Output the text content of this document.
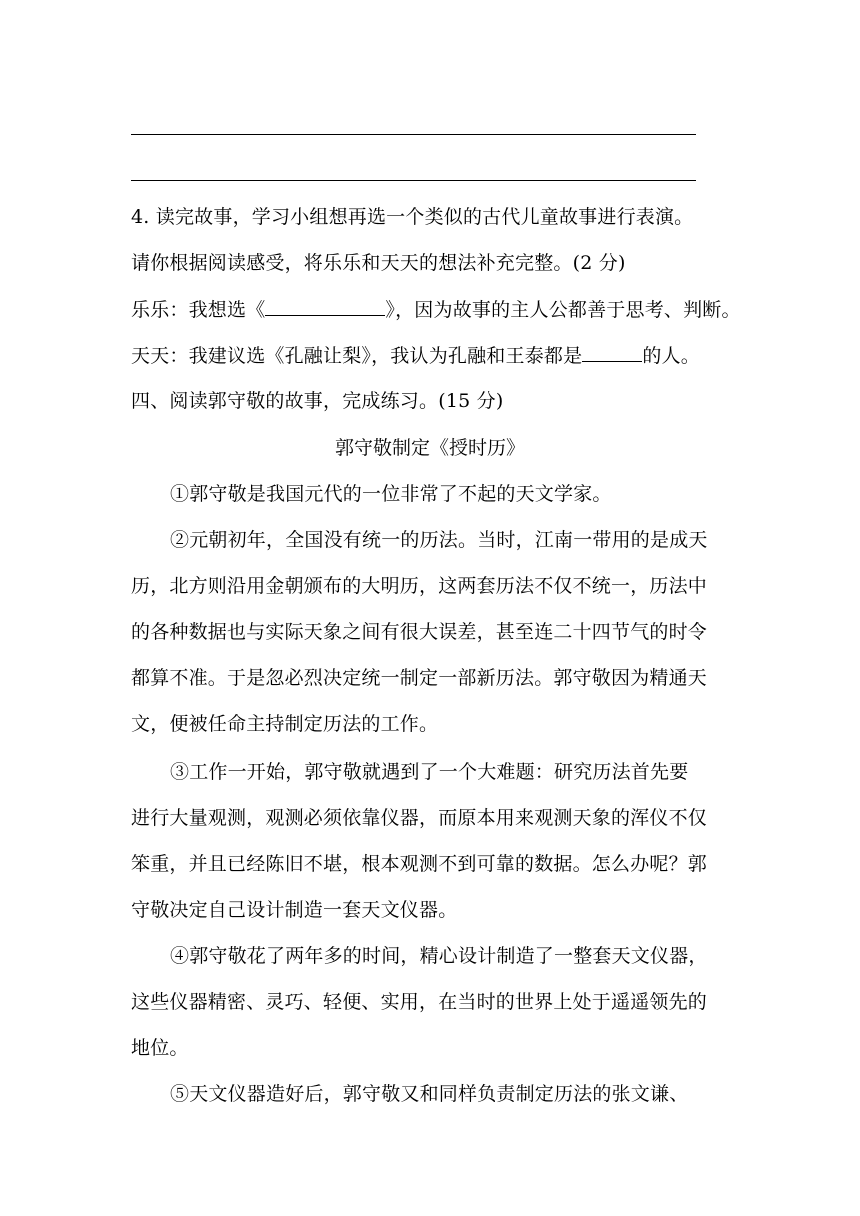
4. 读完故事，学习小组想再选一个类似的古代儿童故事进行表演。
请你根据阅读感受，将乐乐和天天的想法补充完整。(2 分)
乐乐：我想选《	》，因为故事的主人公都善于思考、判断。
天天：我建议选《孔融让梨》，我认为孔融和王泰都是	的人。
四、阅读郭守敬的故事，完成练习。(15 分)
郭守敬制定《授时历》
①郭守敬是我国元代的一位非常了不起的天文学家。
②元朝初年，全国没有统一的历法。当时，江南一带用的是成天
历，北方则沿用金朝颁布的大明历，这两套历法不仅不统一，历法中
的各种数据也与实际天象之间有很大误差，甚至连二十四节气的时令
都算不准。于是忽必烈决定统一制定一部新历法。郭守敬因为精通天
文，便被任命主持制定历法的工作。
③工作一开始，郭守敬就遇到了一个大难题：研究历法首先要
进行大量观测，观测必须依靠仪器，而原本用来观测天象的浑仪不仅
笨重，并且已经陈旧不堪，根本观测不到可靠的数据。怎么办呢？郭
守敬决定自己设计制造一套天文仪器。
④郭守敬花了两年多的时间，精心设计制造了一整套天文仪器，
这些仪器精密、灵巧、轻便、实用，在当时的世界上处于遥遥领先的
地位。
⑤天文仪器造好后，郭守敬又和同样负责制定历法的张文谦、
